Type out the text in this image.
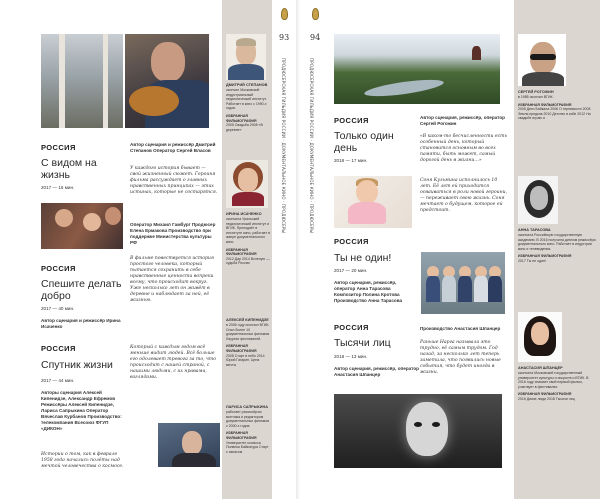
РОССИЯ
С видом на жизнь
2017 — 16 мин.
Автор сценария и режиссёр Дмитрий Степанов Оператор Сергей Власов
У каждого история бывает — свой жизненный сюжет. Героиня фильма рассуждает о главных нравственных принципах — этих истинах, которые не состарятся.
Оператор Михаил Гамбург Продюсер Елена Ермакова Производство при поддержке Министерства культуры РФ
В фильме повествуется история простого человека, который пытается сохранить в себе нравственные ценности вопреки всему, что происходит вокруг. Уже несколько лет он живёт в деревне и наблюдает за ней, её жизнью.
Который с каждым годом всё меньше видит людей. Всё больше его одолевает тревога за то, что происходит с нашей страной, с нашими людьми, с их нравами, взглядами.
РОССИЯ
Спешите делать добро
2017 — 40 мин.
Автор сценария и режиссёр Ирина Исаченко
РОССИЯ
Спутник жизни
2017 — 44 мин.
Авторы сценария Алексей Кипенидзе, Александр Ефремов Режиссёры Алексей Кипенидзе, Лариса Сапрыкина Оператор Вячеслав Курбанов Производство: телекомпания Всесоюз ФГУП «ДИКОН»
Истории о том, как в феврале 1958 года начались полёты над мечтой человечества о космосе.
ДМИТРИЙ СТЕПАНОВ
окончил Московский индустриальный педагогический институт. Работает в кино с 1990-х годов.
ИЗБРАННАЯ ФИЛЬМОГРАФИЯ
2005 Свадьба 2008 «В деревне»
ИРИНА ИСАЧЕНКО
окончила Уральский педагогический институт и ВГИК. Преподаёт в институте кино, работает в жанре документального кино.
ИЗБРАННАЯ ФИЛЬМОГРАФИЯ
2012 Дар 2014 Вслепую — судьба России
АЛЕКСЕЙ КИПЕНИДЗЕ
в 2006 году окончил ВГИК. Снял более 10 документальных фильмов. Лауреат фестивалей.
ИЗБРАННАЯ ФИЛЬМОГРАФИЯ
2008 Старт в небо 2014 Юрий Гагарин. Цена мечты
ЛАРИСА САПРЫКИНА
работает режиссёром монтажа и редактором документальных фильмов с 2000-х годов.
ИЗБРАННАЯ ФИЛЬМОГРАФИЯ
Университет космоса Полвека Байконура Старт с запасом
93
ПРОДЮСЕРСКАЯ ГИЛЬДИЯ РОССИИ · ДОКУМЕНТАЛЬНОЕ КИНО · ПРОДЮСЕРЫ
94
ПРОДЮСЕРСКАЯ ГИЛЬДИЯ РОССИИ · ДОКУМЕНТАЛЬНОЕ КИНО · ПРОДЮСЕРЫ	РОССИЯ
Только один день
2018 — 17 мин.
Автор сценария, режиссёр, оператор Сергей Рогожин
«В каком-то бесчисленности есть особенный день, который становится основным во всех памяти, быть может, самый дорогой день в жизни…»
Соня Кузьмина исполнилось 10 лет. Её лет ей приходится осваиваться в роли новой героини, — переживает свою жизнь. Соня мечтает о будущем, которое ей предстоит.
РОССИЯ
Ты не один!
2017 — 20 мин.
Автор сценария, режиссёр, оператор Анна Тарасова Композитор Полина Кротова Производство Анна Тарасова
РОССИЯ
Тысячи лиц
2018 — 13 мин.
Автор сценария, режиссёр, оператор Анастасия Шпанцер
Производство Анастасия Шпанцер
Раньше Нарга называла это трудно, её самым трудом. Год назад, за несколько лет теперь заметила, что появились новые события, что будет иногда в жизни.
СЕРГЕЙ РОГОЖИН
в 1985 окончил ВГИК.
ИЗБРАННАЯ ФИЛЬМОГРАФИЯ
2005 Дети Байкала 2006 О терпимости 2008 Земля предков 2010 Детство в избе 2012 На свадьбе играю я
АННА ТАРАСОВА
окончила Российскую государственную академию. В 2016 получила диплом режиссёра документального кино. Работает в индустрии кино и телевидения.
ИЗБРАННАЯ ФИЛЬМОГРАФИЯ
2017 Ты не один!
АНАСТАСИЯ ШПАНЦЕР
окончила Московский государственный университет культуры и искусств и ВГИК. В 2016 году снимает свой первый фильм, участвует в фестивалях.
ИЗБРАННАЯ ФИЛЬМОГРАФИЯ
2016 Дикие люди 2018 Тысячи лиц
